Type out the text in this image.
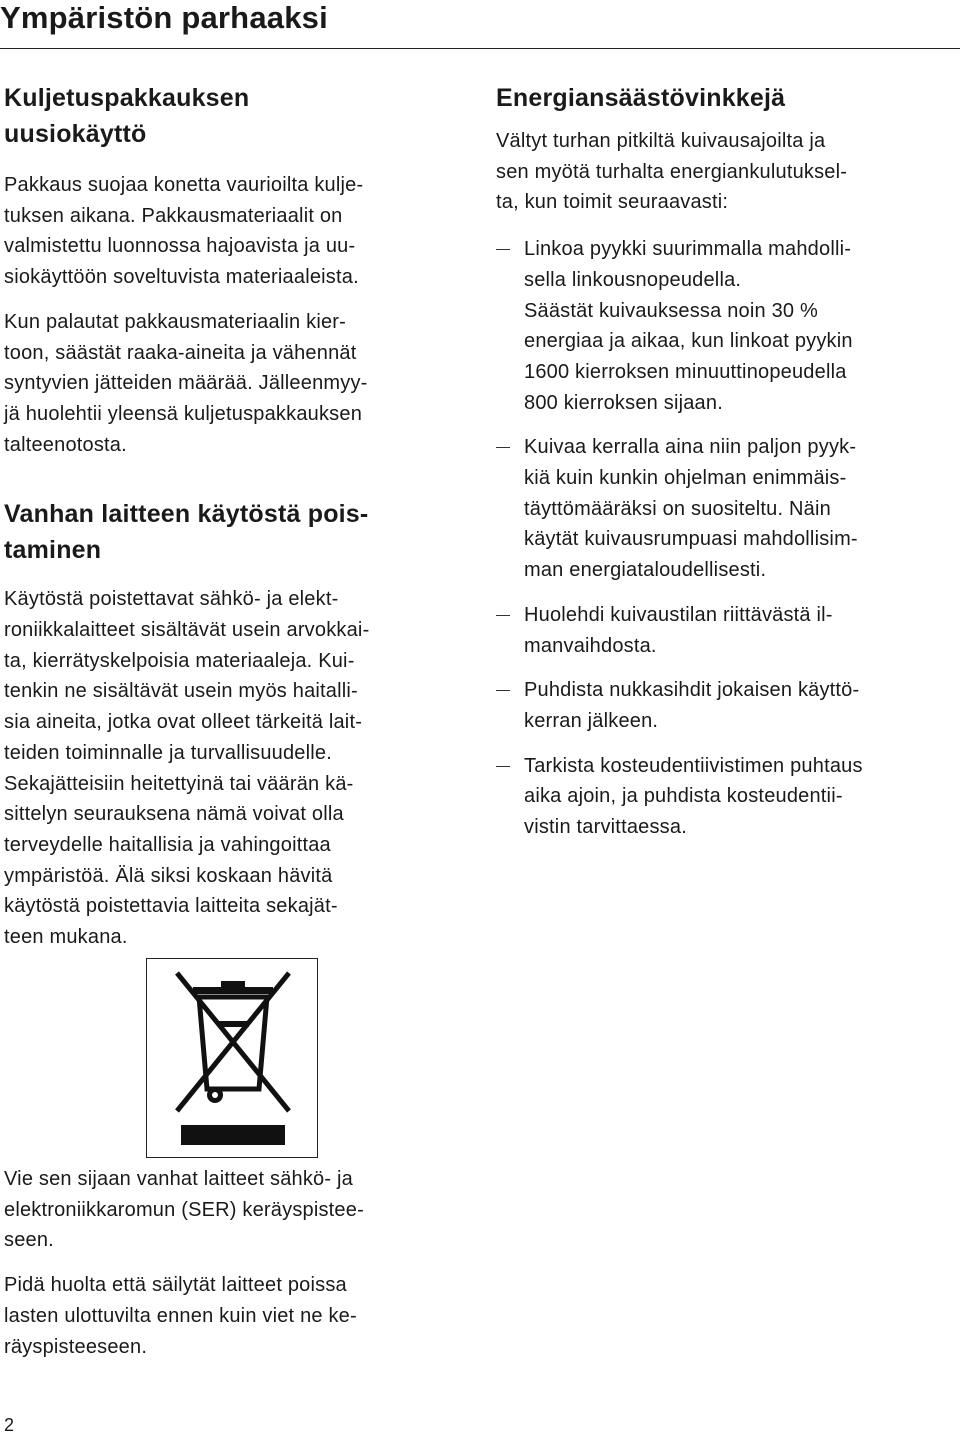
Ympäristön parhaaksi
Kuljetuspakkauksen
uusiokäyttö

Pakkaus suojaa konetta vaurioilta kulje-
tuksen aikana. Pakkausmateriaalit on
valmistettu luonnossa hajoavista ja uu-
siokäyttöön soveltuvista materiaaleista.

Kun palautat pakkausmateriaalin kier-
toon, säästät raaka-aineita ja vähennät
syntyvien jätteiden määrää. Jälleenmyy-
jä huolehtii yleensä kuljetuspakkauksen
talteenotosta.

Vanhan laitteen käytöstä pois-
taminen

Käytöstä poistettavat sähkö- ja elekt-
roniikkalaitteet sisältävät usein arvokkai-
ta, kierrätyskelpoisia materiaaleja. Kui-
tenkin ne sisältävät usein myös haitalli-
sia aineita, jotka ovat olleet tärkeitä lait-
teiden toiminnalle ja turvallisuudelle.
Sekajätteisiin heitettyinä tai väärän kä-
sittelyn seurauksena nämä voivat olla
terveydelle haitallisia ja vahingoittaa
ympäristöä. Älä siksi koskaan hävitä
käytöstä poistettavia laitteita sekajät-
teen mukana.

Vie sen sijaan vanhat laitteet sähkö- ja
elektroniikkaromun (SER) keräyspistee-
seen.

Pidä huolta että säilytät laitteet poissa
lasten ulottuvilta ennen kuin viet ne ke-
räyspisteeseen.

Energiansäästövinkkejä

Vältyt turhan pitkiltä kuivausajoilta ja
sen myötä turhalta energiankulutuksel-
ta, kun toimit seuraavasti:

Linkoa pyykki suurimmalla mahdolli-
sella linkousnopeudella.
Säästät kuivauksessa noin 30 %
energiaa ja aikaa, kun linkoat pyykin
1600 kierroksen minuuttinopeudella
800 kierroksen sijaan.

Kuivaa kerralla aina niin paljon pyyk-
kiä kuin kunkin ohjelman enimmäis-
täyttömääräksi on suositeltu. Näin
käytät kuivausrumpuasi mahdollisim-
man energiataloudellisesti.

Huolehdi kuivaustilan riittävästä il-
manvaihdosta.

Puhdista nukkasihdit jokaisen käyttö-
kerran jälkeen.

Tarkista kosteudentiivistimen puhtaus
aika ajoin, ja puhdista kosteudentii-
vistin tarvittaessa.

2
